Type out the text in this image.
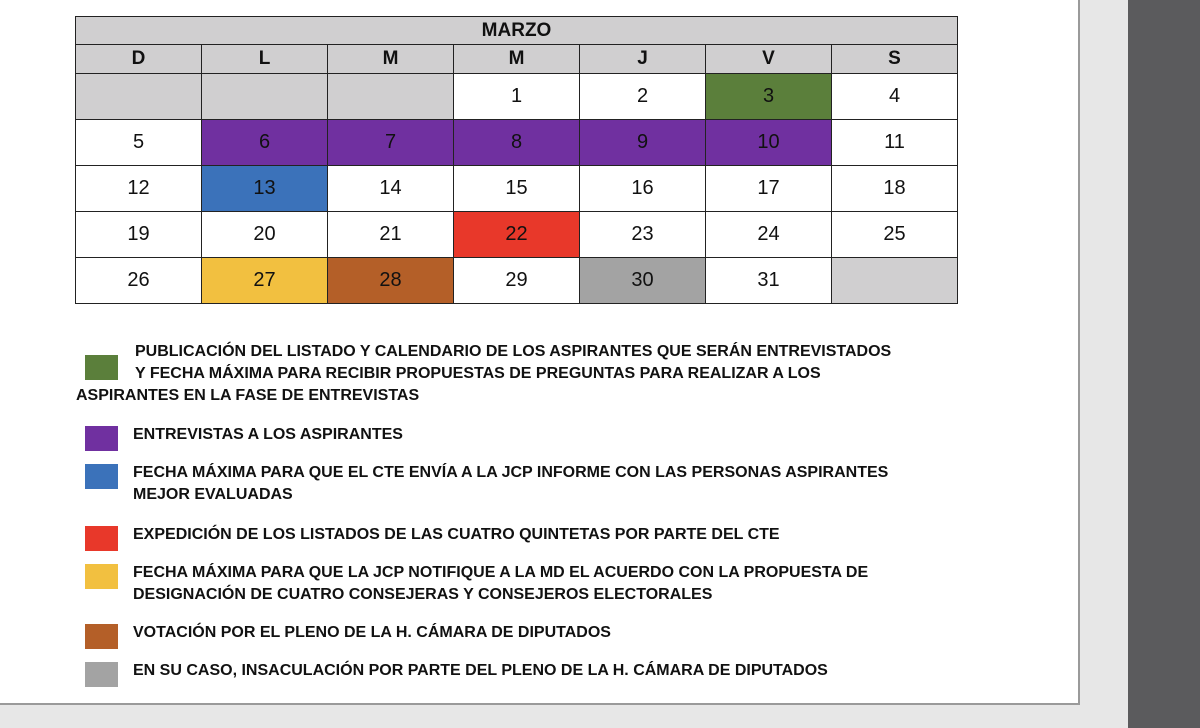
MARZO						
D	L	M	M	J	V	S
			1	2	3	4
5	6	7	8	9	10	11
12	13	14	15	16	17	18
19	20	21	22	23	24	25
26	27	28	29	30	31	
PUBLICACIÓN DEL LISTADO Y CALENDARIO DE LOS ASPIRANTES QUE SERÁN ENTREVISTADOS
Y FECHA MÁXIMA PARA RECIBIR PROPUESTAS DE PREGUNTAS PARA REALIZAR A LOS
ASPIRANTES EN LA FASE DE ENTREVISTAS
ENTREVISTAS A LOS ASPIRANTES
FECHA MÁXIMA PARA QUE EL CTE ENVÍA A LA JCP INFORME CON LAS PERSONAS ASPIRANTES
MEJOR EVALUADAS
EXPEDICIÓN DE LOS LISTADOS DE LAS CUATRO QUINTETAS POR PARTE DEL CTE
FECHA MÁXIMA PARA QUE LA JCP NOTIFIQUE A LA MD EL ACUERDO CON LA PROPUESTA DE
DESIGNACIÓN DE CUATRO CONSEJERAS Y CONSEJEROS ELECTORALES
VOTACIÓN POR EL PLENO DE LA H. CÁMARA DE DIPUTADOS
EN SU CASO, INSACULACIÓN POR PARTE DEL PLENO DE LA H. CÁMARA DE DIPUTADOS
